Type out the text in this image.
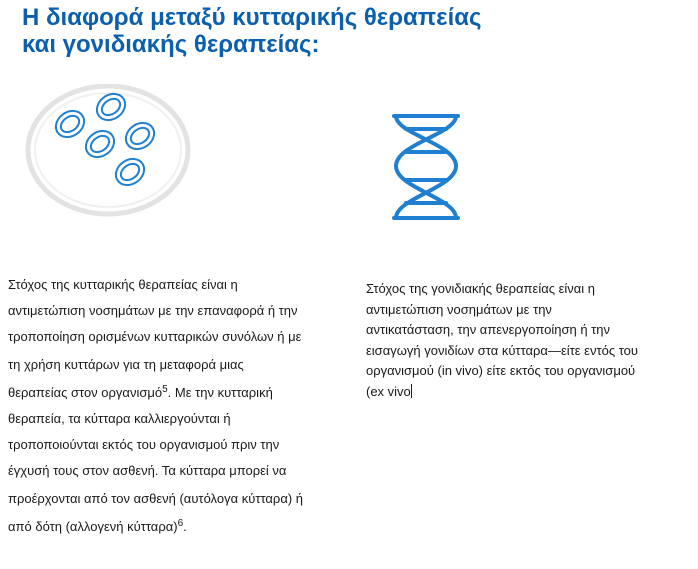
Η διαφορά μεταξύ κυτταρικής θεραπείας
και γονιδιακής θεραπείας:
Στόχος της κυτταρικής θεραπείας είναι η
αντιμετώπιση νοσημάτων με την επαναφορά ή την
τροποποίηση ορισμένων κυτταρικών συνόλων ή με
τη χρήση κυττάρων για τη μεταφορά μιας
θεραπείας στον οργανισμό$^5$. Με την κυτταρική
θεραπεία, τα κύτταρα καλλιεργούνται ή
τροποποιούνται εκτός του οργανισμού πριν την
έγχυσή τους στον ασθενή. Τα κύτταρα μπορεί να
προέρχονται από τον ασθενή (αυτόλογα κύτταρα) ή
από δότη (αλλογενή κύτταρα)$^6$.
Στόχος της γονιδιακής θεραπείας είναι η
αντιμετώπιση νοσημάτων με την
αντικατάσταση, την απενεργοποίηση ή την
εισαγωγή γονιδίων στα κύτταρα—είτε εντός του
οργανισμού (in vivo) είτε εκτός του οργανισμού
(ex vivo
